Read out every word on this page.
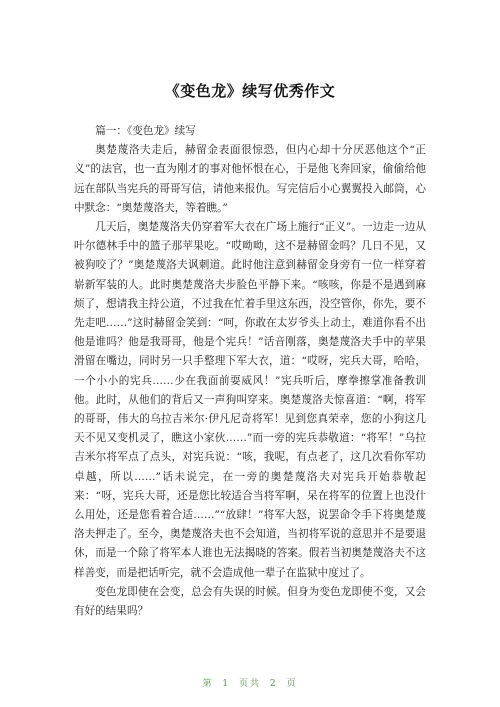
《变色龙》续写优秀作文

篇一：《变色龙》续写

奥楚蔑洛夫走后，赫留金表面很惊恐，但内心却十分厌恶他这个“正义”的法官，也一直为刚才的事对他怀恨在心，于是他飞奔回家，偷偷给他远在部队当宪兵的哥哥写信，请他来报仇。写完信后小心翼翼投入邮筒，心中默念：“奥楚蔑洛夫，等着瞧。”

几天后，奥楚蔑洛夫仍穿着军大衣在广场上施行“正义”。一边走一边从叶尔德林手中的篮子那苹果吃。“哎呦呦，这不是赫留金吗？几日不见，又被狗咬了？”奥楚蔑洛夫讽刺道。此时他注意到赫留金身旁有一位一样穿着崭新军装的人。此时奥楚蔑洛夫步脸色平静下来。“咳咳，你是不是遇到麻烦了，想请我主持公道，不过我在忙着手里这东西，没空管你，你先，要不先走吧……”这时赫留金笑到：“呵，你敢在太岁爷头上动土，难道你看不出他是谁吗？他是我哥哥，他是个宪兵！”话音刚落，奥楚蔑洛夫手中的苹果滑留在嘴边，同时另一只手整理下军大衣，道：“哎呀，宪兵大哥，哈哈，一个小小的宪兵……少在我面前耍威风！”宪兵听后，摩拳擦掌准备教训他。此时，从他们的背后又一声狗叫穿来。奥楚蔑洛夫惊喜道：“啊，将军的哥哥，伟大的乌拉吉米尔·伊凡尼奇将军！见到您真荣幸，您的小狗这几天不见又变机灵了，瞧这小家伙……”而一旁的宪兵恭敬道：“将军！”乌拉吉米尔将军点了点头，对宪兵说：“咳，我呢，有点老了，这几次看你军功卓越，所以……”话未说完，在一旁的奥楚蔑洛夫对宪兵开始恭敬起来：“呀，宪兵大哥，还是您比较适合当将军啊，呆在将军的位置上也没什么用处，还是您看着合适……”“放肆！”将军大怒，说罢命令手下将奥楚蔑洛夫押走了。至今，奥楚蔑洛夫也不会知道，当初将军说的意思并不是要退休，而是一个除了将军本人谁也无法揭晓的答案。假若当初奥楚蔑洛夫不这样善变，而是把话听完，就不会造成他一辈子在监狱中度过了。

变色龙即使在会变，总会有失误的时候。但身为变色龙即使不变，又会有好的结果吗？

第 1 页共 2 页
